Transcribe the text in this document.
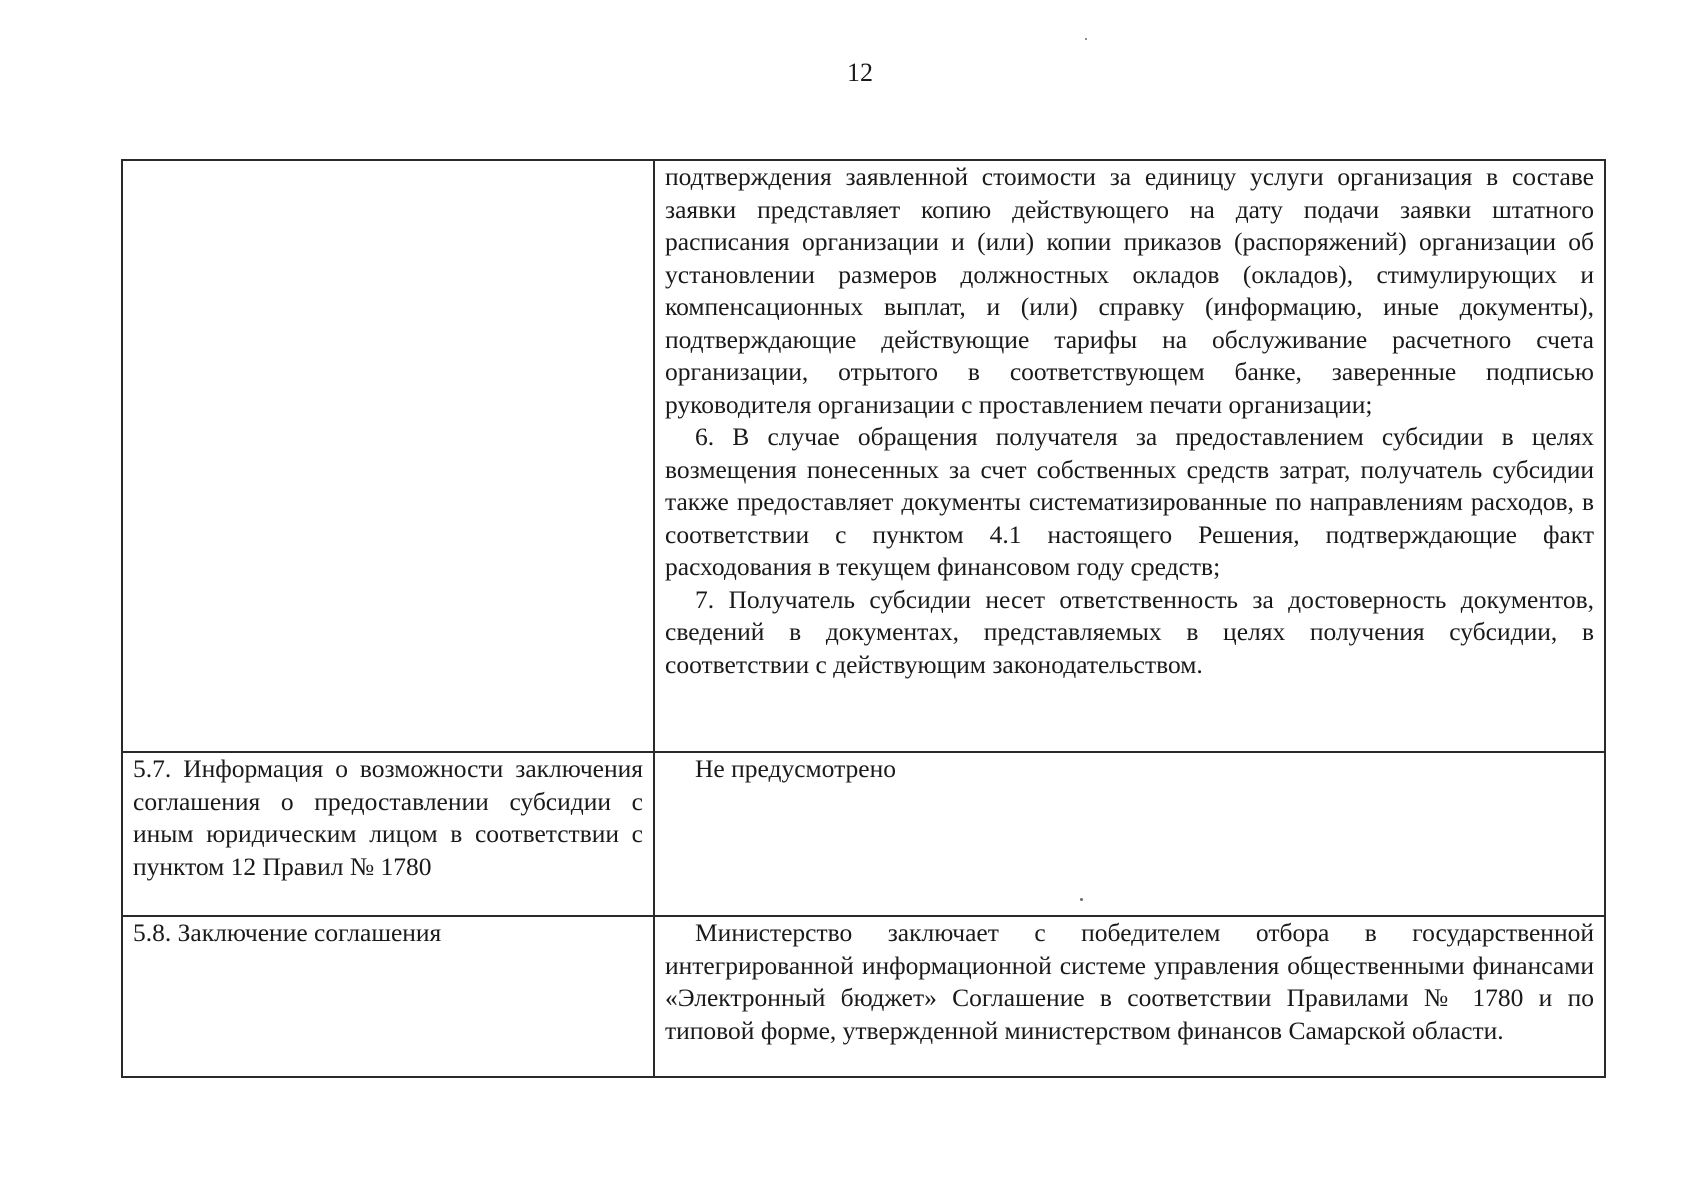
12

	подтверждения заявленной стоимости за единицу услуги организация в составе заявки представляет копию действующего на дату подачи заявки штатного расписания организации и (или) копии приказов (распоряжений) организации об установлении размеров должностных окладов (окладов), стимулирующих и компенсационных выплат, и (или) справку (информацию, иные документы), подтверждающие действующие тарифы на обслуживание расчетного счета организации, отрытого в соответствующем банке, заверенные подписью руководителя организации с проставлением печати организации;

6. В случае обращения получателя за предоставлением субсидии в целях возмещения понесенных за счет собственных средств затрат, получатель субсидии также предоставляет документы систематизированные по направлениям расходов, в соответствии с пунктом 4.1 настоящего Решения, подтверждающие факт расходования в текущем финансовом году средств;

7. Получатель субсидии несет ответственность за достоверность документов, сведений в документах, представляемых в целях получения субсидии, в соответствии с действующим законодательством.

5.7. Информация о возможности заключения соглашения о предоставлении субсидии с иным юридическим лицом в соответствии с пунктом 12 Правил № 1780	Не предусмотрено

5.8. Заключение соглашения	Министерство заключает с победителем отбора в государственной интегрированной информационной системе управления общественными финансами «Электронный бюджет» Соглашение в соответствии Правилами № 1780 и по типовой форме, утвержденной министерством финансов Самарской области.
